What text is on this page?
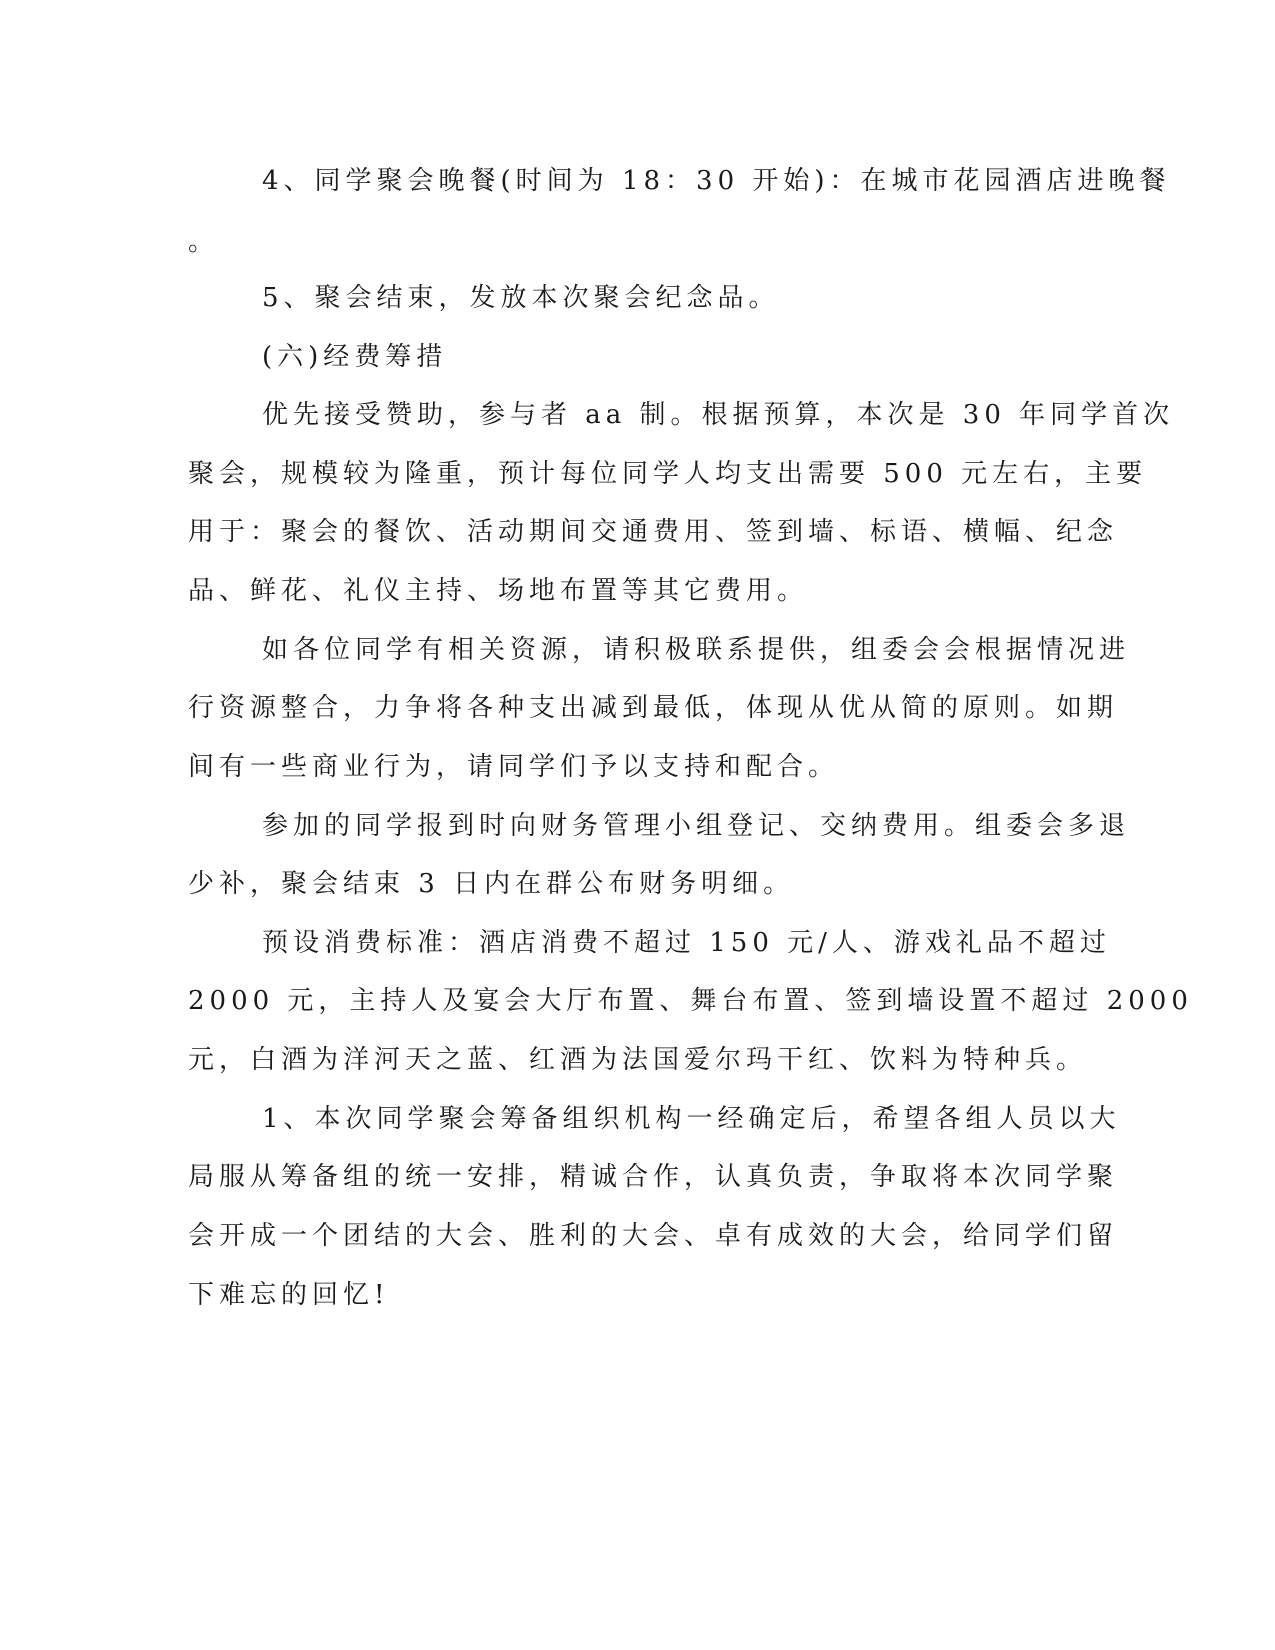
4、同学聚会晚餐(时间为 18：30 开始)：在城市花园酒店进晚餐
。
5、聚会结束，发放本次聚会纪念品。
(六)经费筹措
优先接受赞助，参与者 aa 制。根据预算，本次是 30 年同学首次
聚会，规模较为隆重，预计每位同学人均支出需要 500 元左右，主要
用于：聚会的餐饮、活动期间交通费用、签到墙、标语、横幅、纪念
品、鲜花、礼仪主持、场地布置等其它费用。
如各位同学有相关资源，请积极联系提供，组委会会根据情况进
行资源整合，力争将各种支出减到最低，体现从优从简的原则。如期
间有一些商业行为，请同学们予以支持和配合。
参加的同学报到时向财务管理小组登记、交纳费用。组委会多退
少补，聚会结束 3 日内在群公布财务明细。
预设消费标准：酒店消费不超过 150 元/人、游戏礼品不超过
2000 元，主持人及宴会大厅布置、舞台布置、签到墙设置不超过 2000
元，白酒为洋河天之蓝、红酒为法国爱尔玛干红、饮料为特种兵。
1、本次同学聚会筹备组织机构一经确定后，希望各组人员以大
局服从筹备组的统一安排，精诚合作，认真负责，争取将本次同学聚
会开成一个团结的大会、胜利的大会、卓有成效的大会，给同学们留
下难忘的回忆!
